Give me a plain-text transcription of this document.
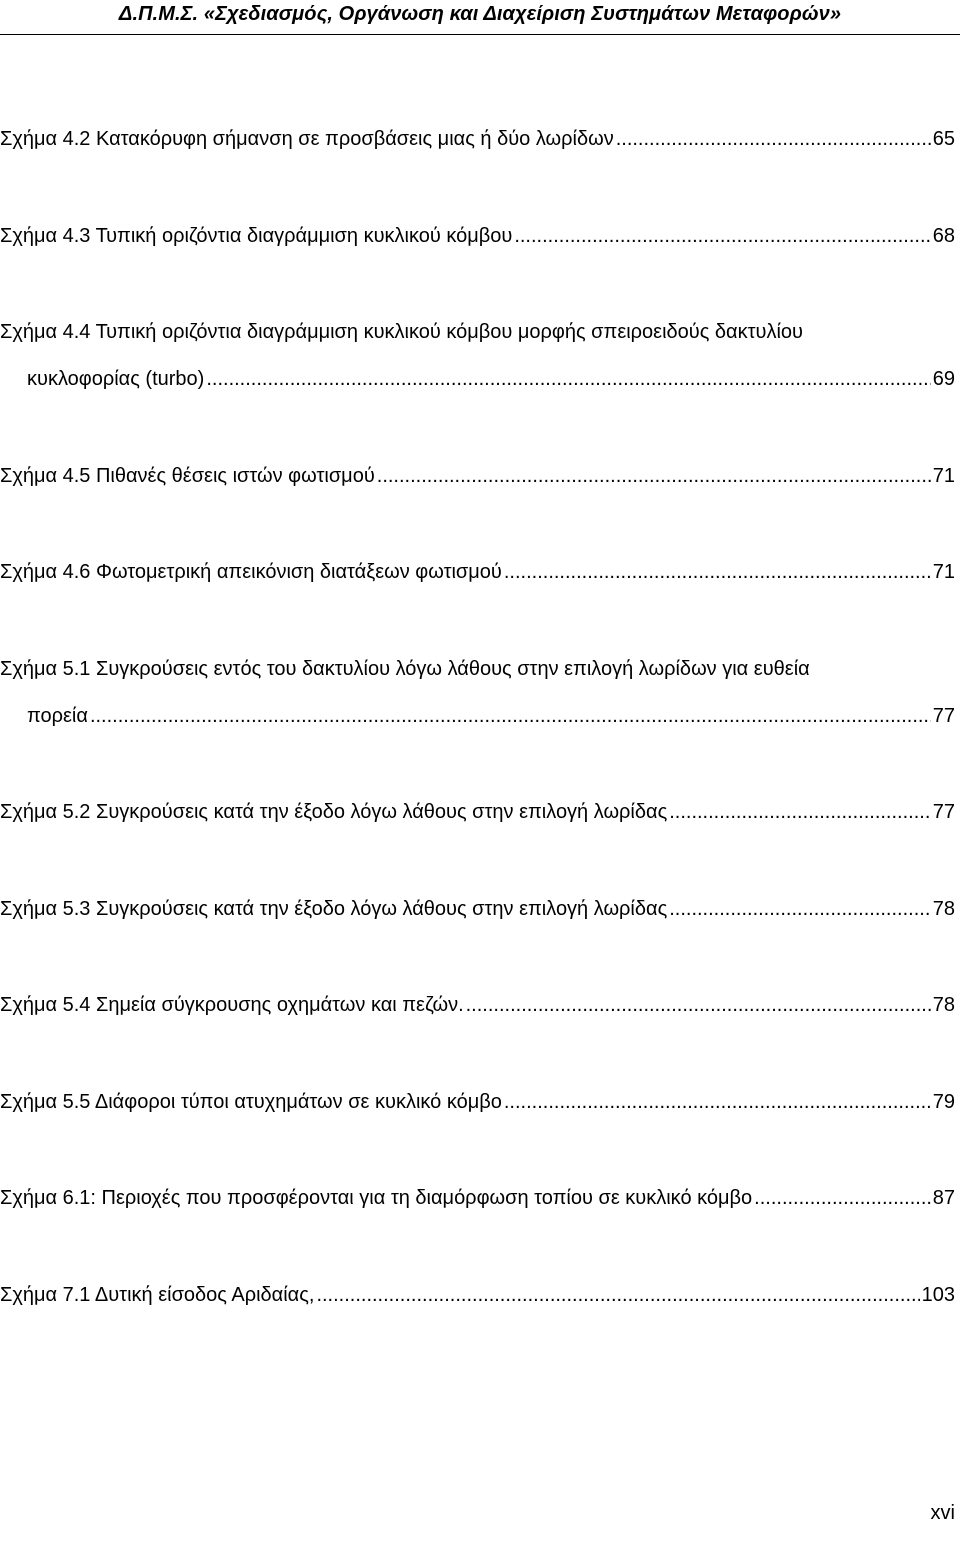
Δ.Π.Μ.Σ. «Σχεδιασμός, Οργάνωση και Διαχείριση Συστημάτων Μεταφορών»
Σχήμα 4.2 Κατακόρυφη σήμανση σε προσβάσεις μιας ή δύο λωρίδων .....	65
Σχήμα 4.3 Τυπική οριζόντια διαγράμμιση κυκλικού κόμβου .....	68
Σχήμα 4.4 Τυπική οριζόντια διαγράμμιση κυκλικού κόμβου μορφής σπειροειδούς δακτυλίου
κυκλοφορίας (turbo) .....	69
Σχήμα 4.5 Πιθανές θέσεις ιστών φωτισμού .....	71
Σχήμα 4.6 Φωτομετρική απεικόνιση διατάξεων φωτισμού .....	71
Σχήμα 5.1 Συγκρούσεις εντός του δακτυλίου λόγω λάθους στην επιλογή λωρίδων για ευθεία
πορεία .....	77
Σχήμα 5.2 Συγκρούσεις κατά την έξοδο λόγω λάθους στην επιλογή λωρίδας .....	77
Σχήμα 5.3 Συγκρούσεις κατά την έξοδο λόγω λάθους στην επιλογή λωρίδας .....	78
Σχήμα 5.4 Σημεία σύγκρουσης οχημάτων και πεζών. .....	78
Σχήμα 5.5 Διάφοροι τύποι ατυχημάτων σε κυκλικό κόμβο .....	79
Σχήμα 6.1: Περιοχές που προσφέρονται για τη διαμόρφωση τοπίου σε κυκλικό κόμβο .....	87
Σχήμα 7.1 Δυτική είσοδος Αριδαίας, .....	103
xvi
